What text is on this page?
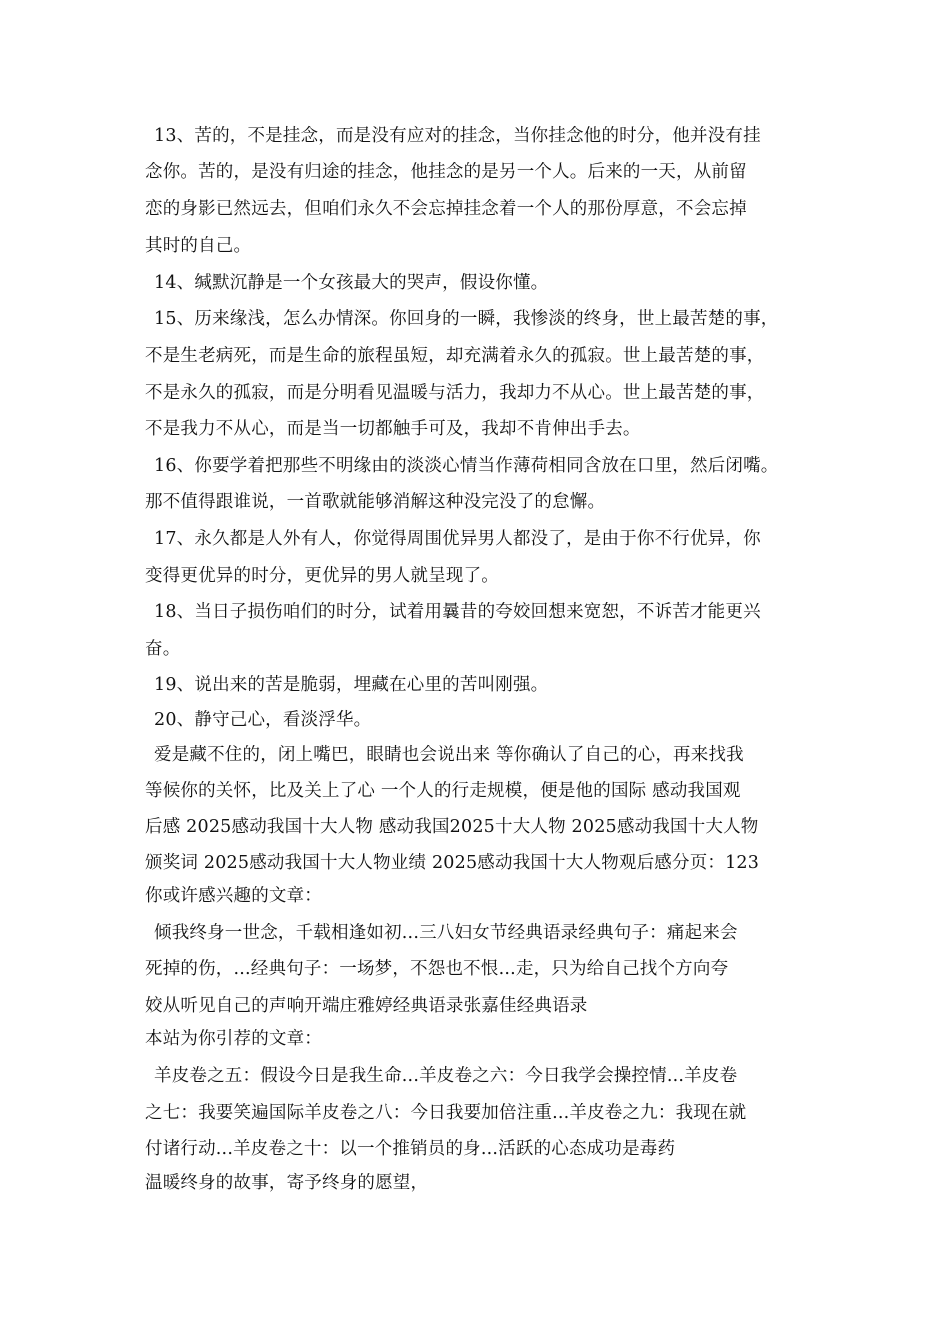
13、苦的，不是挂念，而是没有应对的挂念，当你挂念他的时分，他并没有挂
念你。苦的，是没有归途的挂念，他挂念的是另一个人。后来的一天，从前留
恋的身影已然远去，但咱们永久不会忘掉挂念着一个人的那份厚意，不会忘掉
其时的自己。
14、缄默沉静是一个女孩最大的哭声，假设你懂。
15、历来缘浅，怎么办情深。你回身的一瞬，我惨淡的终身，世上最苦楚的事，
不是生老病死，而是生命的旅程虽短，却充满着永久的孤寂。世上最苦楚的事，
不是永久的孤寂，而是分明看见温暖与活力，我却力不从心。世上最苦楚的事，
不是我力不从心，而是当一切都触手可及，我却不肯伸出手去。
16、你要学着把那些不明缘由的淡淡心情当作薄荷相同含放在口里，然后闭嘴。
那不值得跟谁说，一首歌就能够消解这种没完没了的怠懈。
17、永久都是人外有人，你觉得周围优异男人都没了，是由于你不行优异，你
变得更优异的时分，更优异的男人就呈现了。
18、当日子损伤咱们的时分，试着用曩昔的夸姣回想来宽恕，不诉苦才能更兴
奋。
19、说出来的苦是脆弱，埋藏在心里的苦叫刚强。
20、静守己心，看淡浮华。
爱是藏不住的，闭上嘴巴，眼睛也会说出来 等你确认了自己的心，再来找我
等候你的关怀，比及关上了心 一个人的行走规模，便是他的国际 感动我国观
后感 2025感动我国十大人物 感动我国2025十大人物 2025感动我国十大人物
颁奖词 2025感动我国十大人物业绩 2025感动我国十大人物观后感分页：123
你或许感兴趣的文章：
倾我终身一世念，千载相逢如初...三八妇女节经典语录经典句子：痛起来会
死掉的伤，...经典句子：一场梦，不怨也不恨...走，只为给自己找个方向夸
姣从听见自己的声响开端庄雅婷经典语录张嘉佳经典语录
本站为你引荐的文章：
羊皮卷之五：假设今日是我生命...羊皮卷之六：今日我学会操控情...羊皮卷
之七：我要笑遍国际羊皮卷之八：今日我要加倍注重...羊皮卷之九：我现在就
付诸行动...羊皮卷之十：以一个推销员的身...活跃的心态成功是毒药
温暖终身的故事，寄予终身的愿望，
